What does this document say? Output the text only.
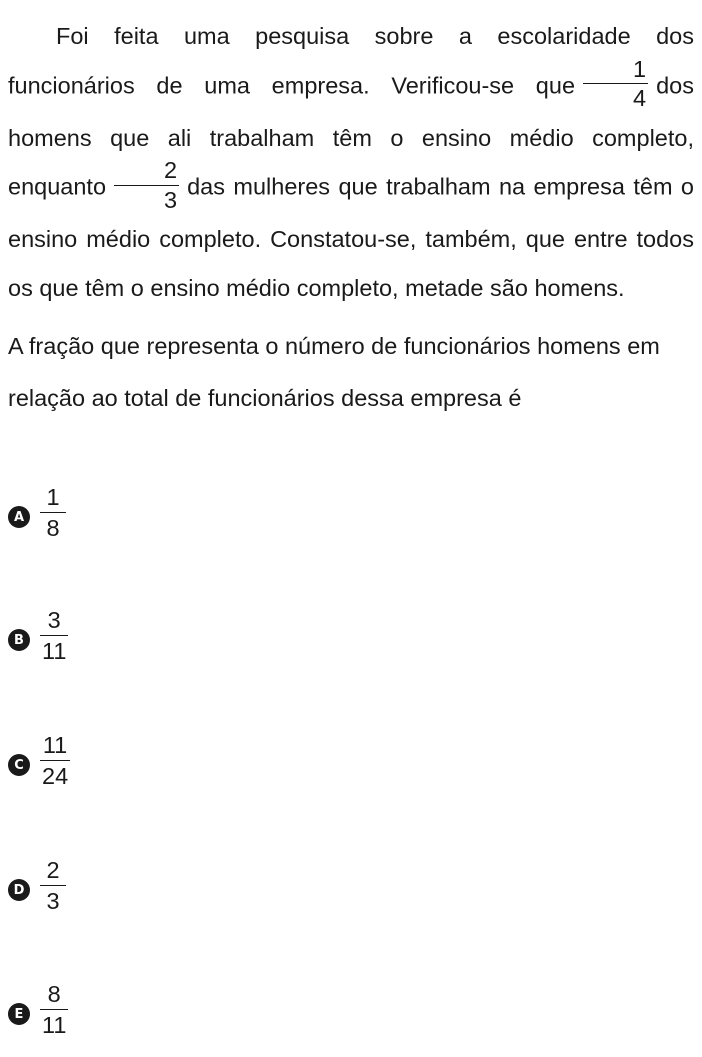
Foi feita uma pesquisa sobre a escolaridade dos funcionários de uma empresa. Verificou-se que $\frac{1}{4}$ dos homens que ali trabalham têm o ensino médio completo, enquanto $\frac{2}{3}$ das mulheres que trabalham na empresa têm o ensino médio completo. Constatou-se, também, que entre todos os que têm o ensino médio completo, metade são homens.

A fração que representa o número de funcionários homens em relação ao total de funcionários dessa empresa é

A $\frac{1}{8}$
B $\frac{3}{11}$
C $\frac{11}{24}$
D $\frac{2}{3}$
E $\frac{8}{11}$
